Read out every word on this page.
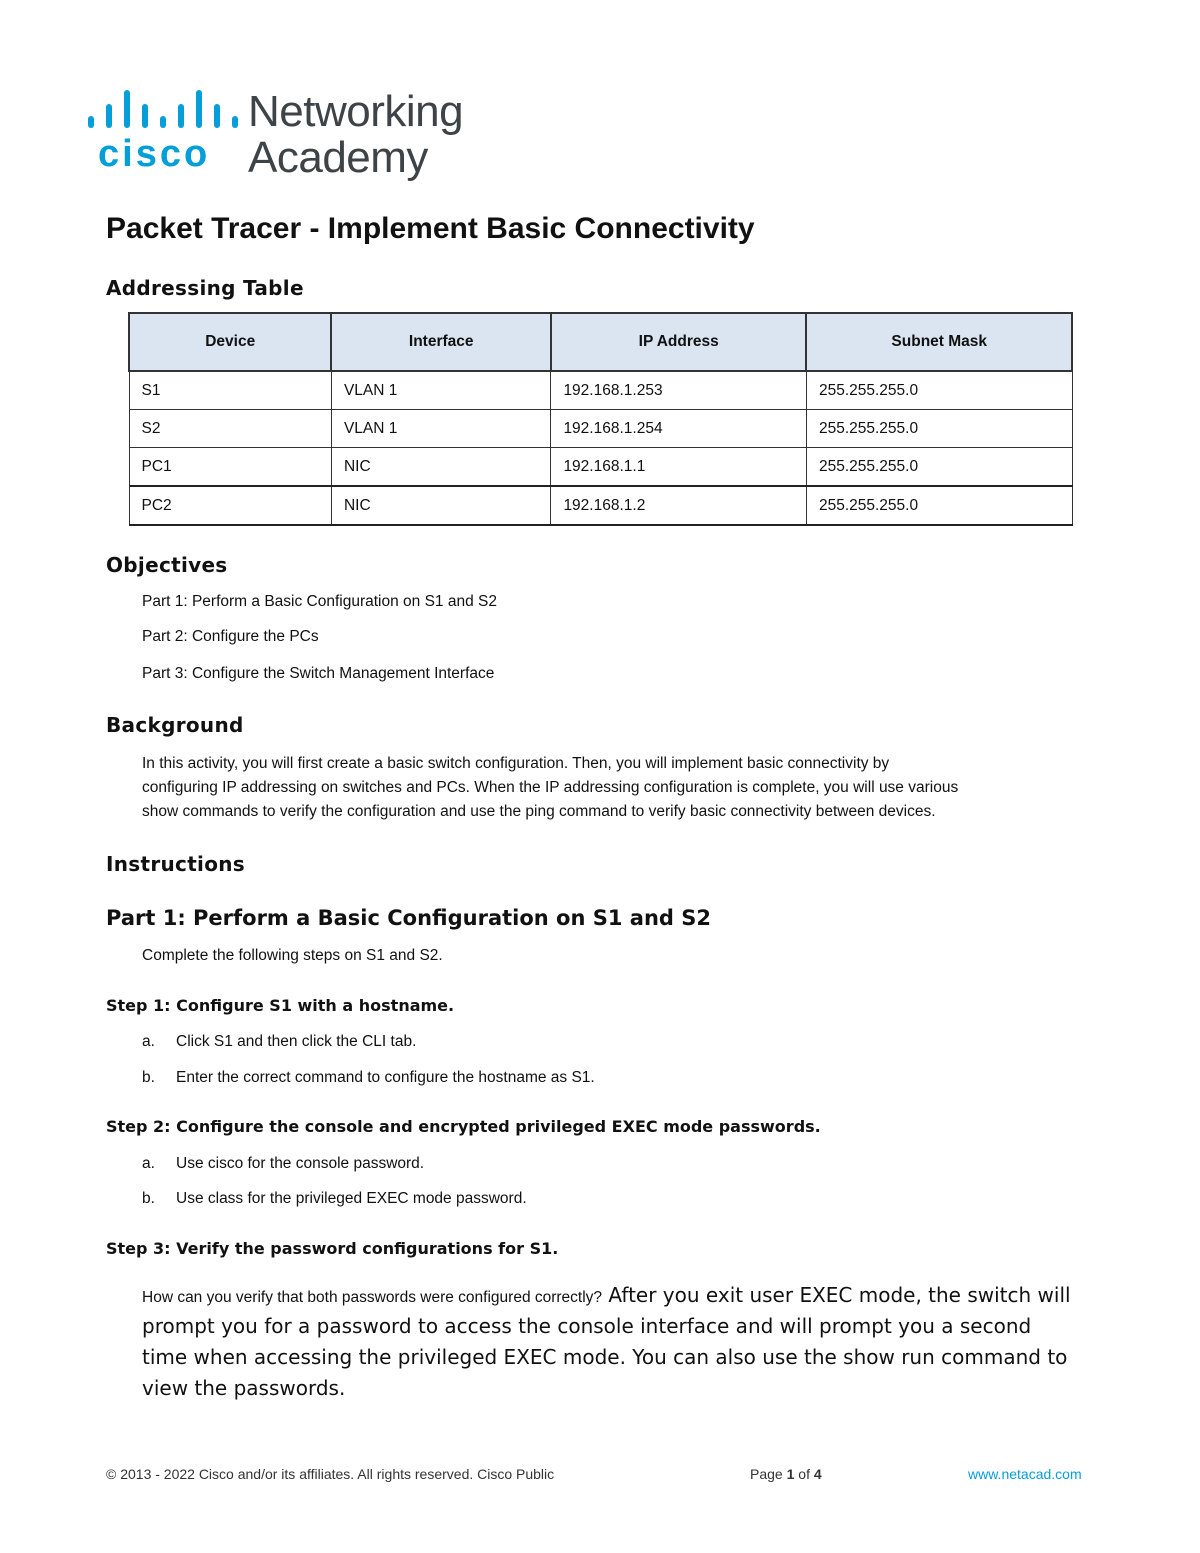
cisco
Networking
Academy
Packet Tracer - Implement Basic Connectivity
Addressing Table
Device	Interface	IP Address	Subnet Mask
S1	VLAN 1	192.168.1.253	255.255.255.0
S2	VLAN 1	192.168.1.254	255.255.255.0
PC1	NIC	192.168.1.1	255.255.255.0
PC2	NIC	192.168.1.2	255.255.255.0
Objectives
Part 1: Perform a Basic Configuration on S1 and S2
Part 2: Configure the PCs
Part 3: Configure the Switch Management Interface
Background
In this activity, you will first create a basic switch configuration. Then, you will implement basic connectivity by
configuring IP addressing on switches and PCs. When the IP addressing configuration is complete, you will use various
show commands to verify the configuration and use the ping command to verify basic connectivity between devices.
Instructions
Part 1: Perform a Basic Configuration on S1 and S2
Complete the following steps on S1 and S2.
Step 1: Configure S1 with a hostname.
a. Click S1 and then click the CLI tab.
b. Enter the correct command to configure the hostname as S1.
Step 2: Configure the console and encrypted privileged EXEC mode passwords.
a. Use cisco for the console password.
b. Use class for the privileged EXEC mode password.
Step 3: Verify the password configurations for S1.
How can you verify that both passwords were configured correctly? After you exit user EXEC mode, the switch will prompt you for a password to access the console interface and will prompt you a second time when accessing the privileged EXEC mode. You can also use the show run command to view the passwords.
© 2013 - 2022 Cisco and/or its affiliates. All rights reserved. Cisco Public	Page 1 of 4	www.netacad.com
